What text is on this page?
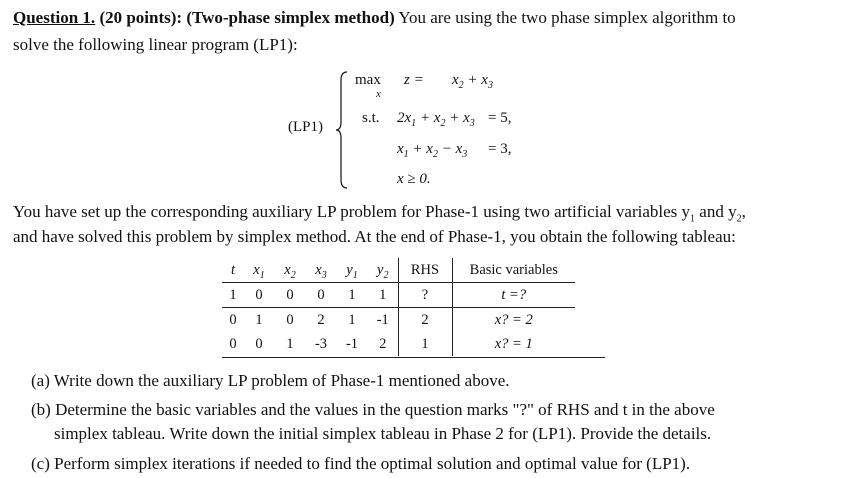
Question 1. (20 points): (Two-phase simplex method) You are using the two phase simplex algorithm to
solve the following linear program (LP1):
(LP1)
max
x
$z = x_2 + x_3$
s.t. $2x_1 + x_2 + x_3 = 5$,
$x_1 + x_2 - x_3 = 3$,
x ≥ 0.
You have set up the corresponding auxiliary LP problem for Phase-1 using two artificial variables $y_1$ and $y_2$,
and have solved this problem by simplex method. At the end of Phase-1, you obtain the following tableau:
t	$x_1$	$x_2$	$x_3$	$y_1$	$y_2$	RHS	Basic variables
1	0	0	0	1	1	?	t =?
0	1	0	2	1	-1	2	x? = 2
0	0	1	-3	-1	2	1	x? = 1
(a) Write down the auxiliary LP problem of Phase-1 mentioned above.
(b) Determine the basic variables and the values in the question marks "?" of RHS and t in the above
simplex tableau. Write down the initial simplex tableau in Phase 2 for (LP1). Provide the details.
(c) Perform simplex iterations if needed to find the optimal solution and optimal value for (LP1).
